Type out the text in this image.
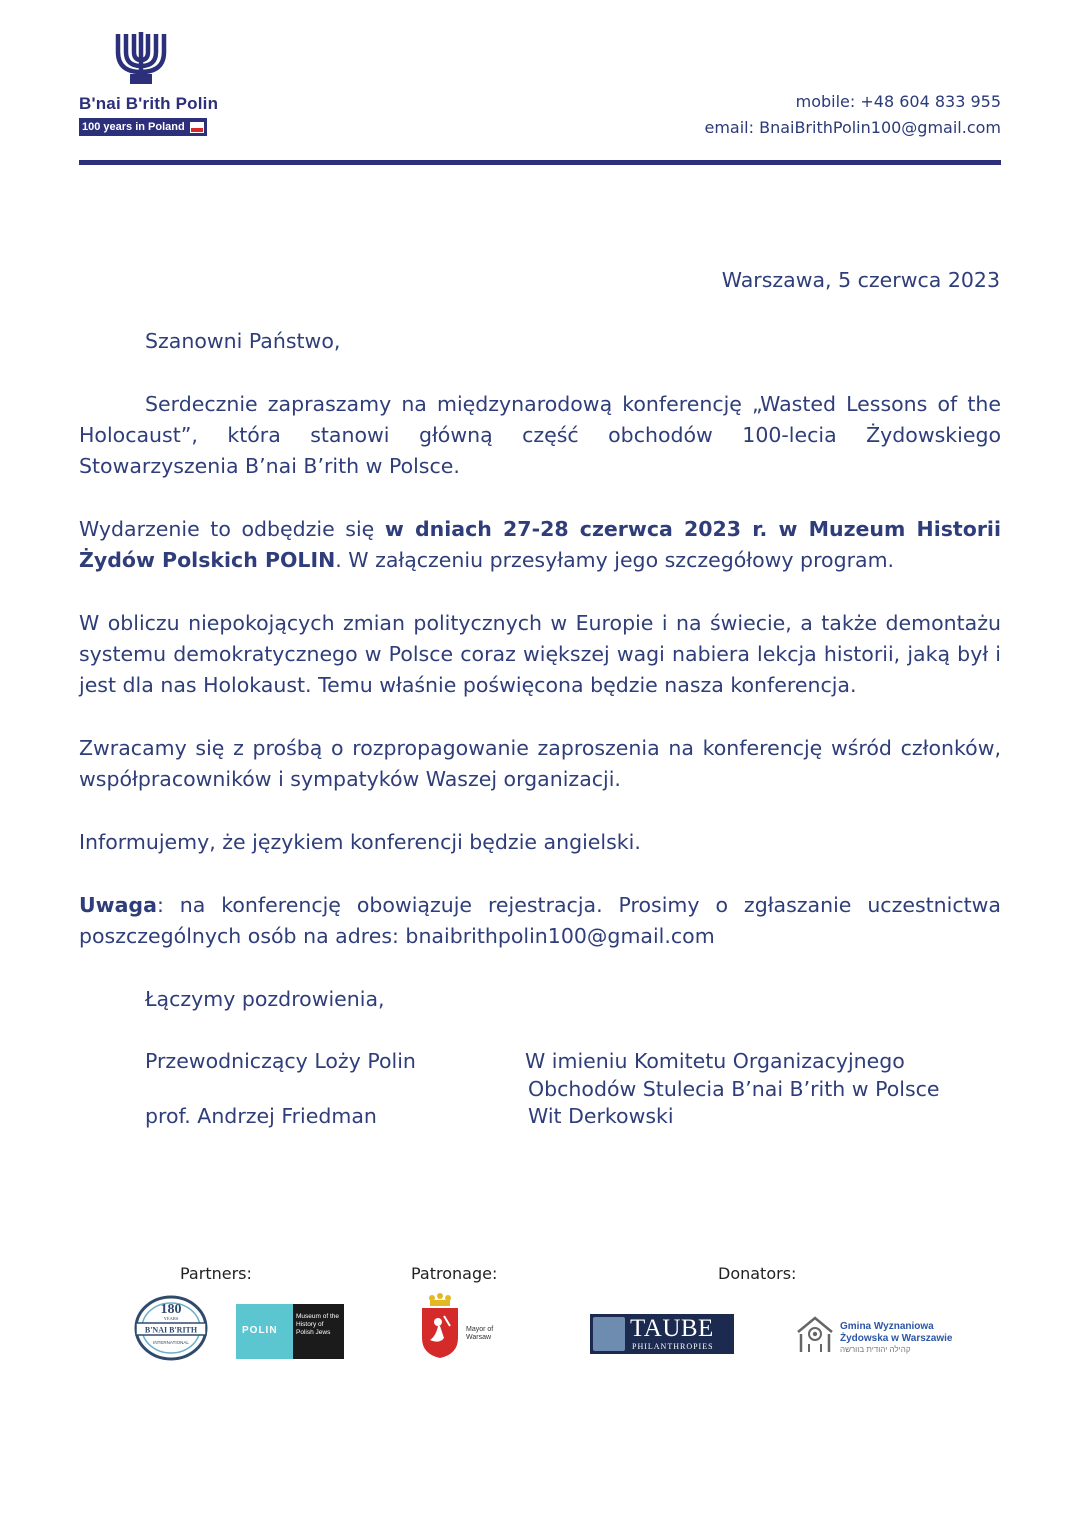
B'nai B'rith Polin
100 years in Poland
mobile: +48 604 833 955
email: BnaiBrithPolin100@gmail.com
Warszawa, 5 czerwca 2023
Szanowni Państwo,
Serdecznie zapraszamy na międzynarodową konferencję „Wasted Lessons of the Holocaust”, która stanowi główną część obchodów 100-lecia Żydowskiego Stowarzyszenia B’nai B’rith w Polsce.
Wydarzenie to odbędzie się w dniach 27-28 czerwca 2023 r. w Muzeum Historii Żydów Polskich POLIN. W załączeniu przesyłamy jego szczegółowy program.
W obliczu niepokojących zmian politycznych w Europie i na świecie, a także demontażu systemu demokratycznego w Polsce coraz większej wagi nabiera lekcja historii, jaką był i jest dla nas Holokaust. Temu właśnie poświęcona będzie nasza konferencja.
Zwracamy się z prośbą o rozpropagowanie zaproszenia na konferencję wśród członków, współpracowników i sympatyków Waszej organizacji.
Informujemy, że językiem konferencji będzie angielski.
Uwaga: na konferencję obowiązuje rejestracja. Prosimy o zgłaszanie uczestnictwa poszczególnych osób na adres: bnaibrithpolin100@gmail.com
Łączymy pozdrowienia,
Przewodniczący Loży Polin
prof. Andrzej Friedman
W imieniu Komitetu Organizacyjnego
Obchodów Stulecia B’nai B’rith w Polsce
Wit Derkowski
Partners:	Patronage:	Donators:
180
YEARS
B'NAI B'RITH
INTERNATIONAL
POLIN
Museum of the History of Polish Jews	Mayor of Warsaw	TAUBE
PHILANTHROPIES
Gmina Wyznaniowa
Żydowska w Warszawie
קהילה יהודית בוורשה
